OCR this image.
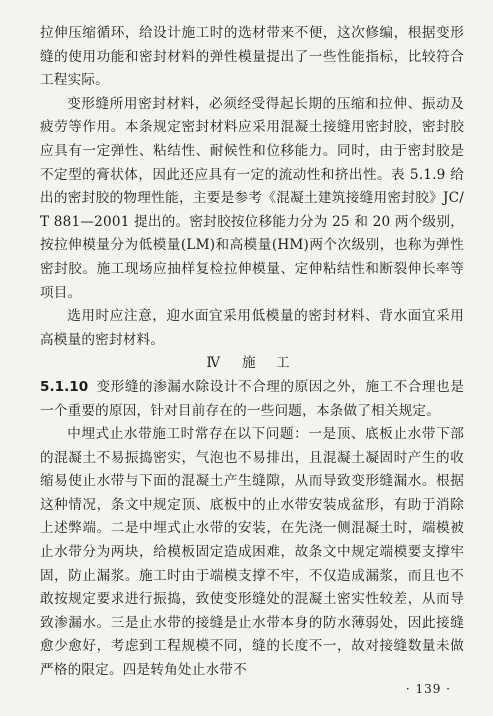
拉伸压缩循环，给设计施工时的选材带来不便，这次修编，根据变形缝的使用功能和密封材料的弹性模量提出了一些性能指标，比较符合工程实际。

变形缝所用密封材料，必须经受得起长期的压缩和拉伸、振动及疲劳等作用。本条规定密封材料应采用混凝土接缝用密封胶，密封胶应具有一定弹性、粘结性、耐候性和位移能力。同时，由于密封胶是不定型的膏状体，因此还应具有一定的流动性和挤出性。表 5.1.9 给出的密封胶的物理性能，主要是参考《混凝土建筑接缝用密封胶》JC/T 881—2001 提出的。密封胶按位移能力分为 25 和 20 两个级别，按拉伸模量分为低模量(LM)和高模量(HM)两个次级别，也称为弹性密封胶。施工现场应抽样复检拉伸模量、定伸粘结性和断裂伸长率等项目。

选用时应注意，迎水面宜采用低模量的密封材料、背水面宜采用高模量的密封材料。

Ⅳ 施 工

5.1.10 变形缝的渗漏水除设计不合理的原因之外，施工不合理也是一个重要的原因，针对目前存在的一些问题，本条做了相关规定。

中埋式止水带施工时常存在以下问题：一是顶、底板止水带下部的混凝土不易振捣密实，气泡也不易排出，且混凝土凝固时产生的收缩易使止水带与下面的混凝土产生缝隙，从而导致变形缝漏水。根据这种情况，条文中规定顶、底板中的止水带安装成盆形，有助于消除上述弊端。二是中埋式止水带的安装，在先浇一侧混凝土时，端模被止水带分为两块，给模板固定造成困难，故条文中规定端模要支撑牢固，防止漏浆。施工时由于端模支撑不牢，不仅造成漏浆，而且也不敢按规定要求进行振捣，致使变形缝处的混凝土密实性较差，从而导致渗漏水。三是止水带的接缝是止水带本身的防水薄弱处，因此接缝愈少愈好，考虑到工程规模不同，缝的长度不一，故对接缝数量未做严格的限定。四是转角处止水带不

· 139 ·
